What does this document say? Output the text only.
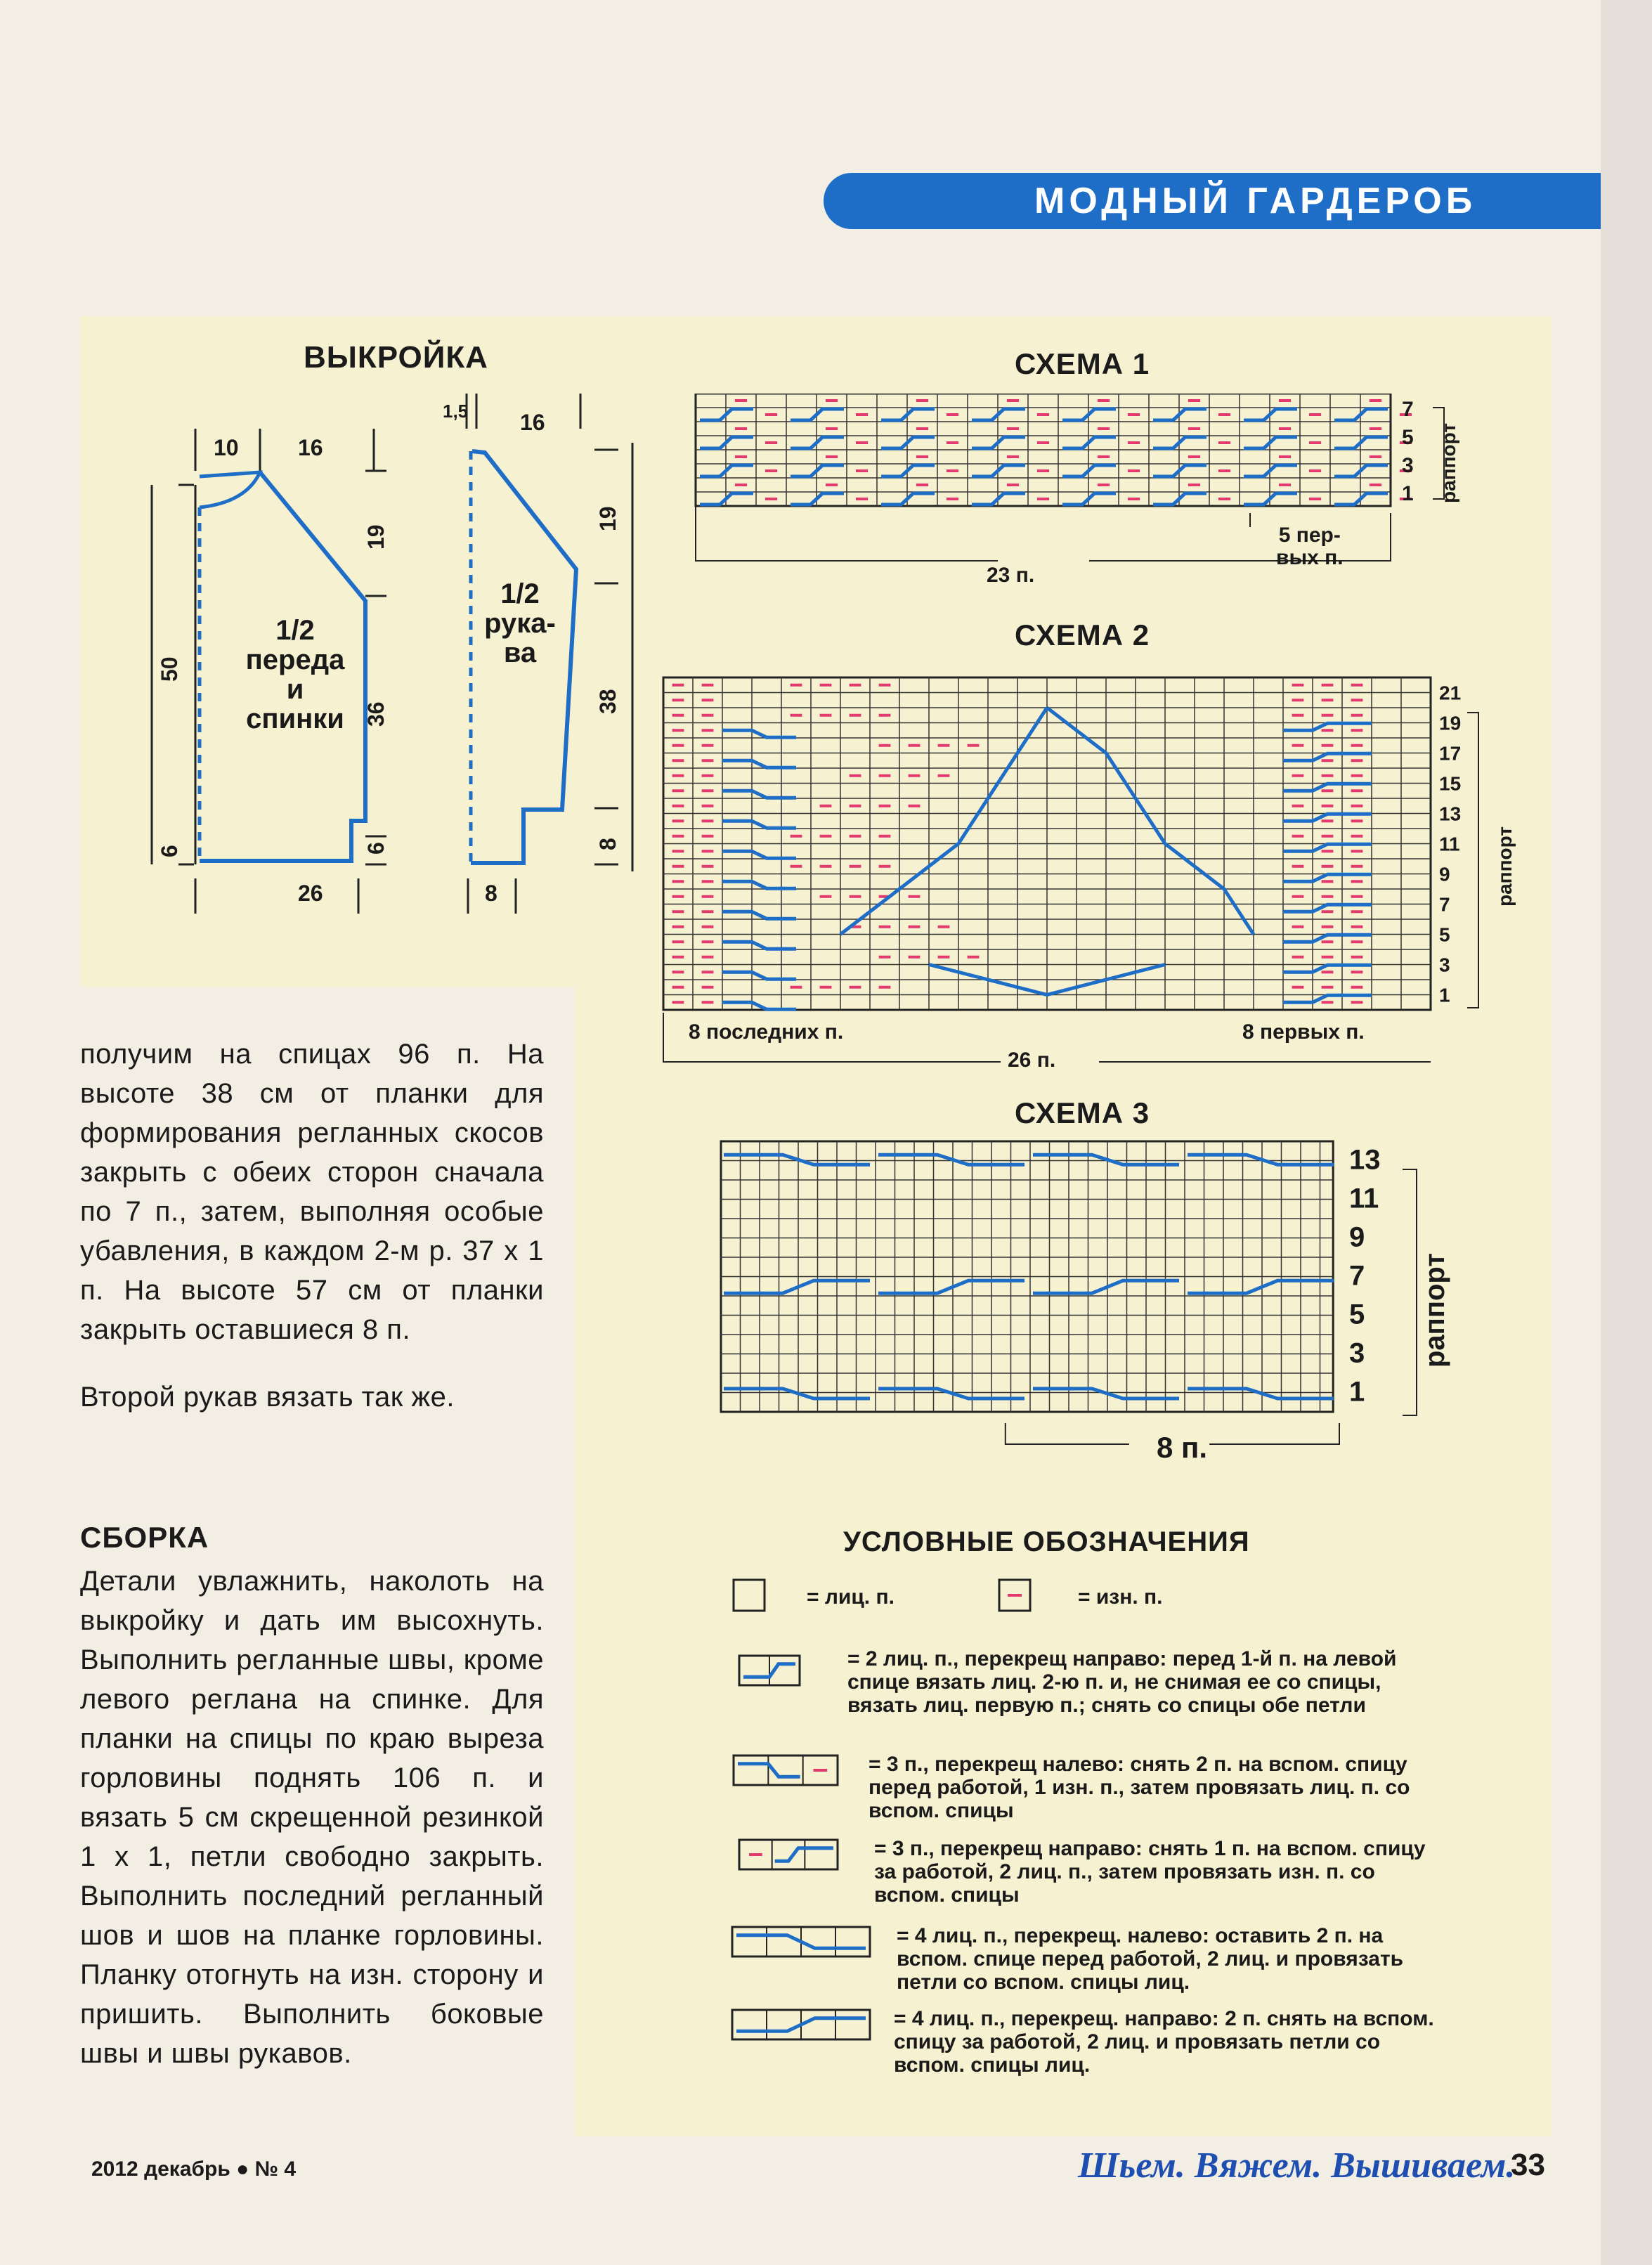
МОДНЫЙ ГАРДЕРОБ
ВЫКРОЙКА
10	16
26
1,5 16
8
50
6
19
36
6
19
38
8
1/2
переда
и
спинки
1/2
рука-
ва
СХЕМА 1
7
5
3
1
5 пер-
вых п.
23 п.
раппорт
СХЕМА 2
21
19
17
15
13
11
9
7
5
3
1
8 последних п.	8 первых п.
26 п.
раппорт
СХЕМА 3
13
11
9
7
5
3
1
8 п.
раппорт
УСЛОВНЫЕ ОБОЗНАЧЕНИЯ
= лиц. п.	= изн. п.
= 2 лиц. п., перекрещ направо: перед 1-й п. на левой спице вязать лиц. 2-ю п. и, не снимая ее со спицы, вязать лиц. первую п.; снять со спицы обе петли
= 3 п., перекрещ налево: снять 2 п. на вспом. спицу перед работой, 1 изн. п., затем провязать лиц. п. со вспом. спицы
= 3 п., перекрещ направо: снять 1 п. на вспом. спицу за работой, 2 лиц. п., затем провязать изн. п. со вспом. спицы
= 4 лиц. п., перекрещ. налево: оставить 2 п. на вспом. спице перед работой, 2 лиц. и провязать петли со вспом. спицы лиц.
= 4 лиц. п., перекрещ. направо: 2 п. снять на вспом. спицу за работой, 2 лиц. и провязать петли со вспом. спицы лиц.

получим на спицах 96 п. На высоте 38 см от планки для формирования регланных скосов закрыть с обеих сторон сначала по 7 п., затем, выполняя особые убавления, в каждом 2-м р. 37 х 1 п. На высоте 57 см от планки закрыть оставшиеся 8 п.

Второй рукав вязать так же.

СБОРКА

Детали увлажнить, наколоть на выкройку и дать им высохнуть. Выполнить регланные швы, кроме левого реглана на спинке. Для планки на спицы по краю выреза горловины поднять 106 п. и вязать 5 см скрещенной резинкой 1 х 1, петли свободно закрыть. Выполнить последний регланный шов и шов на планке горловины. Планку отогнуть на изн. сторону и пришить. Выполнить боковые швы и швы рукавов.

2012 декабрь ● № 4	Шьем. Вяжем. Вышиваем.
33
